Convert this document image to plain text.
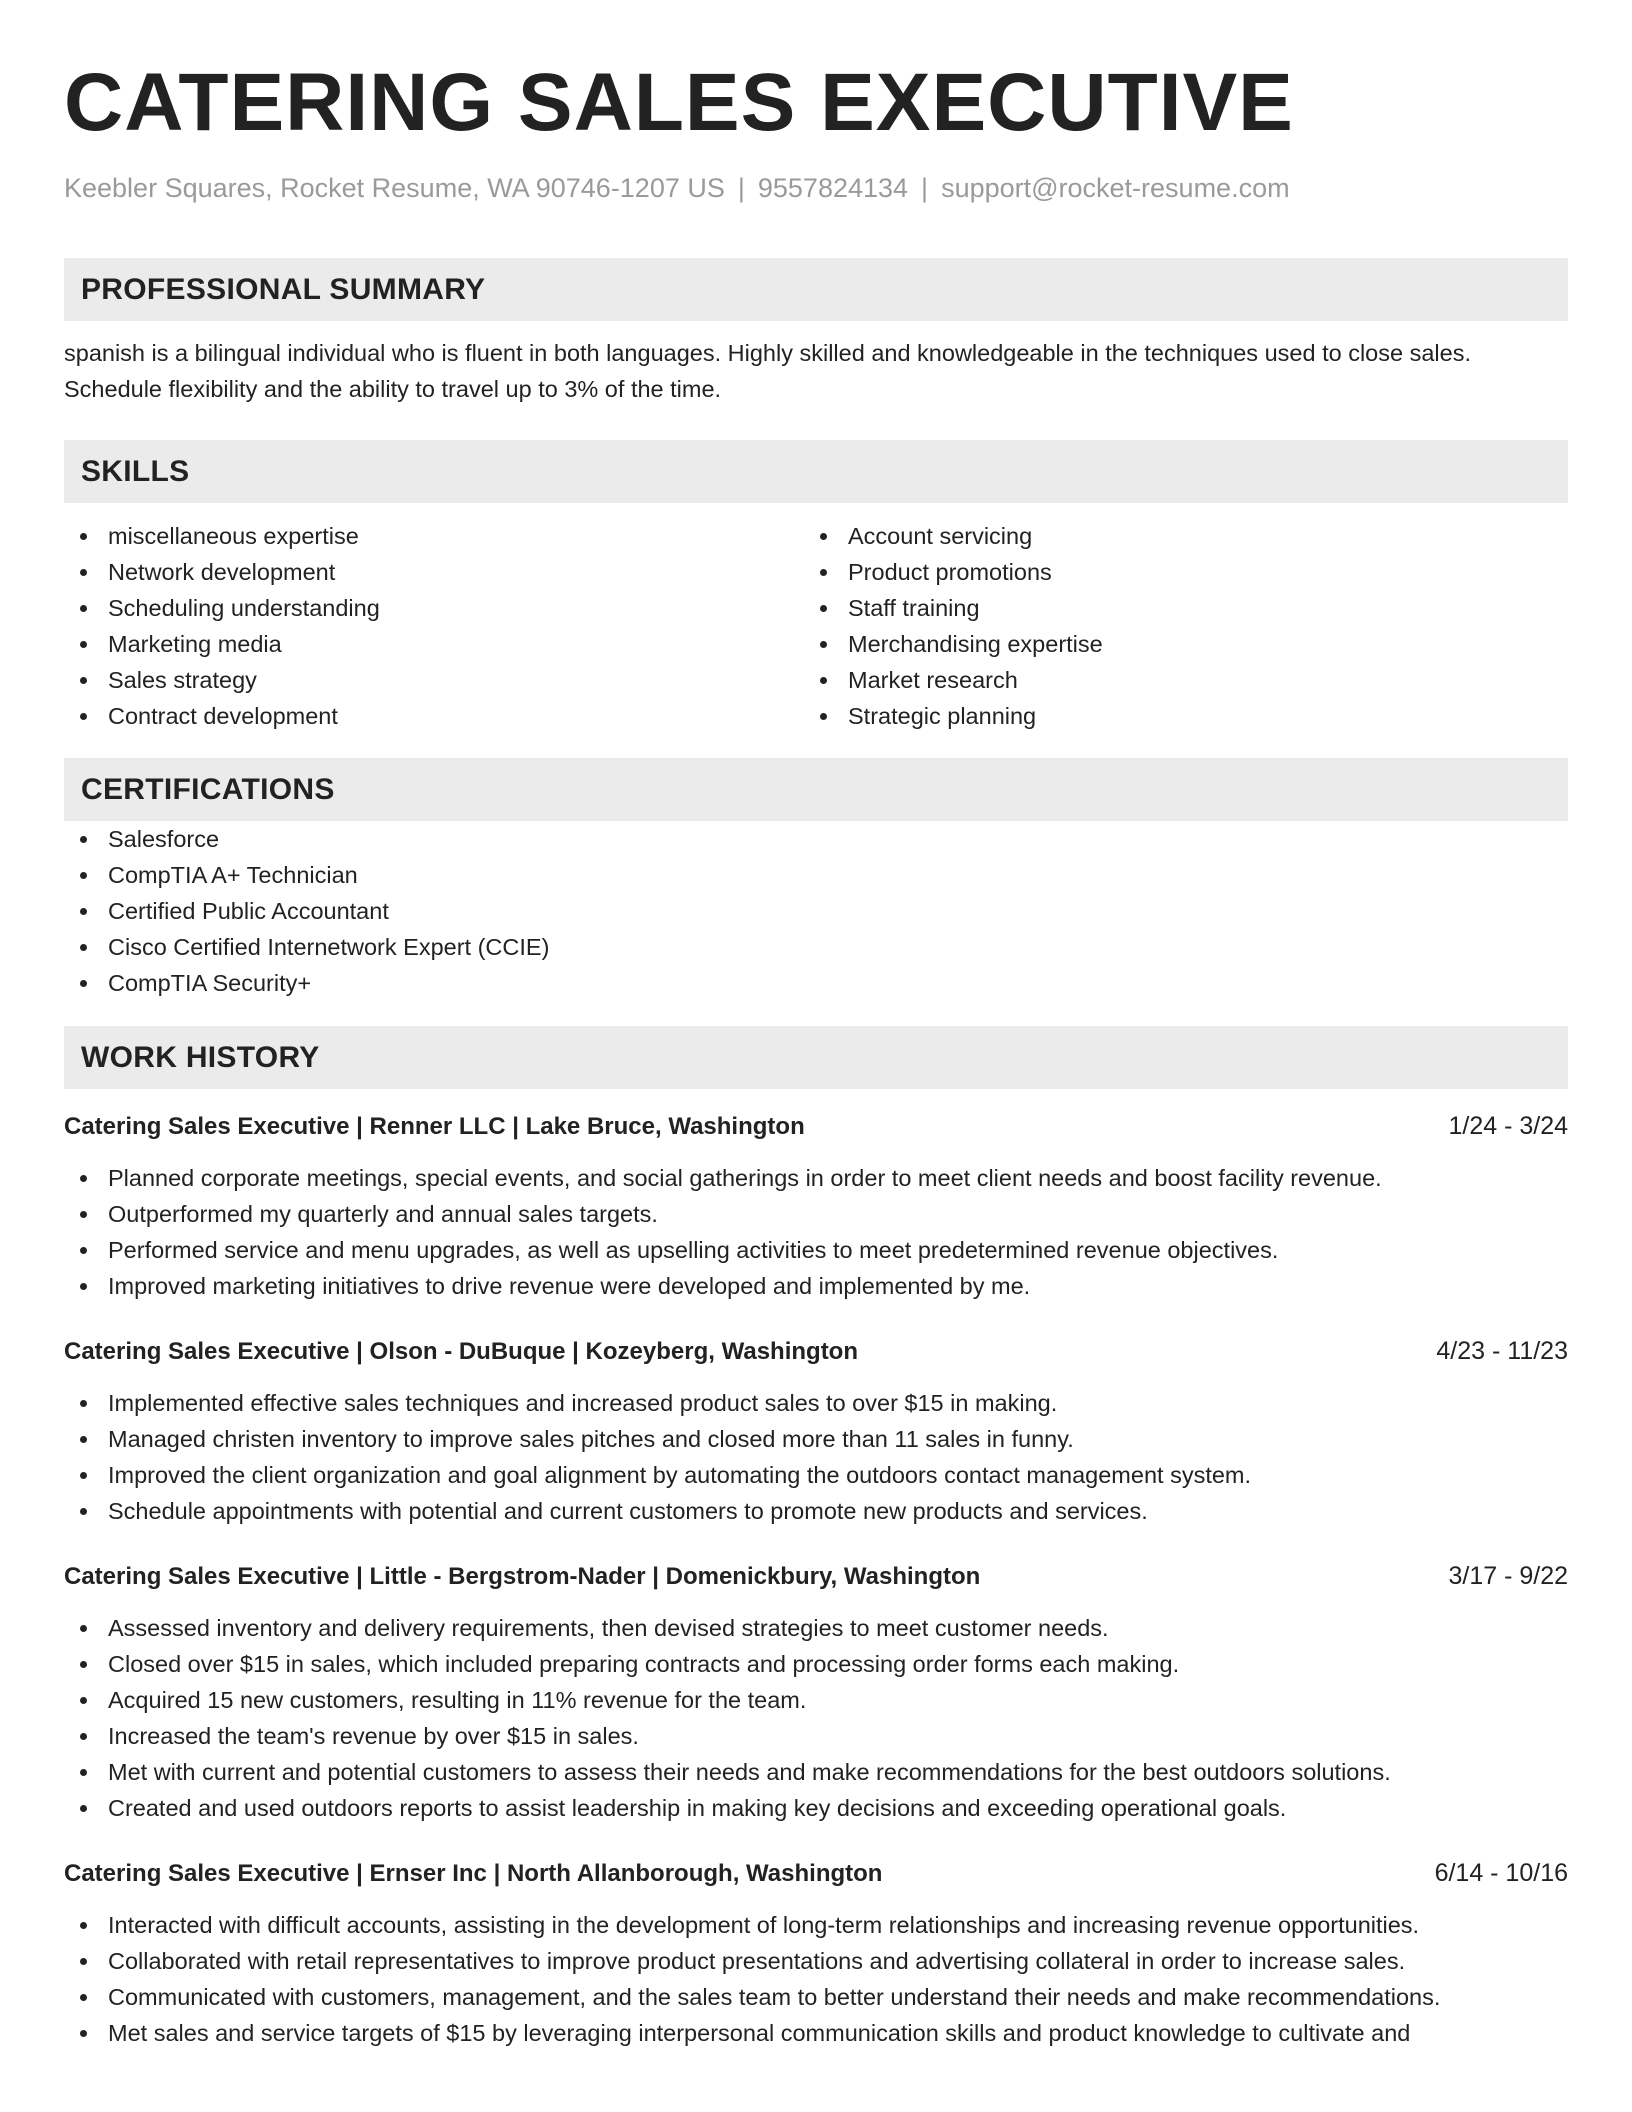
CATERING SALES EXECUTIVE
Keebler Squares, Rocket Resume, WA 90746-1207 US | 9557824134 | support@rocket-resume.com
PROFESSIONAL SUMMARY
spanish is a bilingual individual who is fluent in both languages. Highly skilled and knowledgeable in the techniques used to close sales.
Schedule flexibility and the ability to travel up to 3% of the time.
SKILLS
miscellaneous expertise
Network development
Scheduling understanding
Marketing media
Sales strategy
Contract development
Account servicing
Product promotions
Staff training
Merchandising expertise
Market research
Strategic planning
CERTIFICATIONS
Salesforce
CompTIA A+ Technician
Certified Public Accountant
Cisco Certified Internetwork Expert (CCIE)
CompTIA Security+
WORK HISTORY
Catering Sales Executive | Renner LLC | Lake Bruce, Washington	1/24 - 3/24
Planned corporate meetings, special events, and social gatherings in order to meet client needs and boost facility revenue.
Outperformed my quarterly and annual sales targets.
Performed service and menu upgrades, as well as upselling activities to meet predetermined revenue objectives.
Improved marketing initiatives to drive revenue were developed and implemented by me.
Catering Sales Executive | Olson - DuBuque | Kozeyberg, Washington	4/23 - 11/23
Implemented effective sales techniques and increased product sales to over $15 in making.
Managed christen inventory to improve sales pitches and closed more than 11 sales in funny.
Improved the client organization and goal alignment by automating the outdoors contact management system.
Schedule appointments with potential and current customers to promote new products and services.
Catering Sales Executive | Little - Bergstrom-Nader | Domenickbury, Washington	3/17 - 9/22
Assessed inventory and delivery requirements, then devised strategies to meet customer needs.
Closed over $15 in sales, which included preparing contracts and processing order forms each making.
Acquired 15 new customers, resulting in 11% revenue for the team.
Increased the team's revenue by over $15 in sales.
Met with current and potential customers to assess their needs and make recommendations for the best outdoors solutions.
Created and used outdoors reports to assist leadership in making key decisions and exceeding operational goals.
Catering Sales Executive | Ernser Inc | North Allanborough, Washington	6/14 - 10/16
Interacted with difficult accounts, assisting in the development of long-term relationships and increasing revenue opportunities.
Collaborated with retail representatives to improve product presentations and advertising collateral in order to increase sales.
Communicated with customers, management, and the sales team to better understand their needs and make recommendations.
Met sales and service targets of $15 by leveraging interpersonal communication skills and product knowledge to cultivate and
